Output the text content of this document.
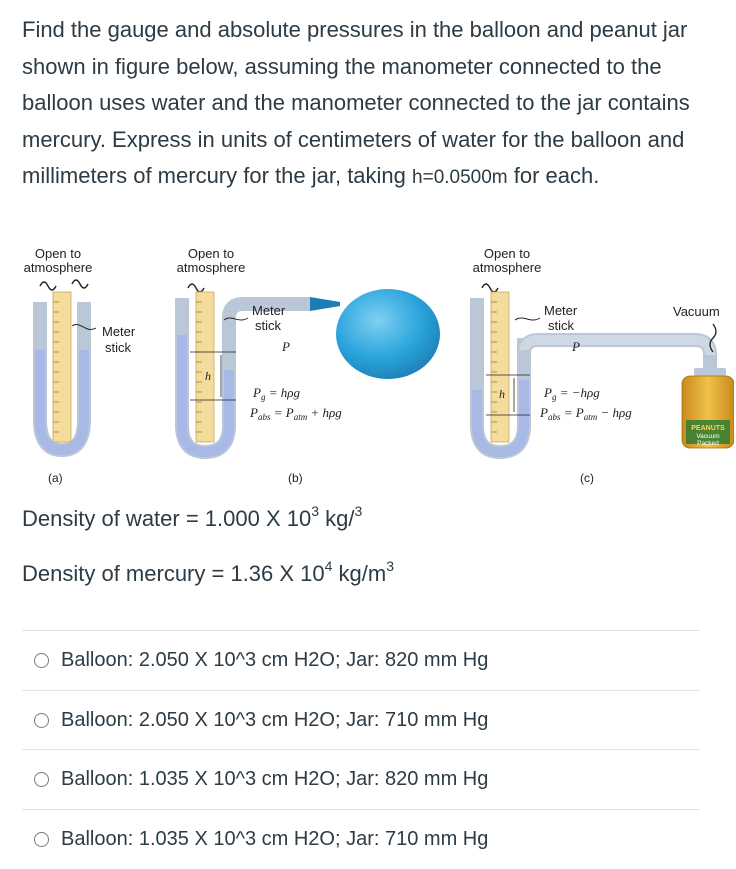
Find the gauge and absolute pressures in the balloon and peanut jar shown in figure below, assuming the manometer connected to the balloon uses water and the manometer connected to the jar contains mercury. Express in units of centimeters of water for the balloon and millimeters of mercury for the jar, taking h=0.0500m for each.

Open to
atmosphere
Meter
stick
(a)
Open to
atmosphere
h
Meter
stick
P
$P_g = h\rho g$
$P_{abs} = P_{atm} + h\rho g$
(b)
Open to
atmosphere
h
Meter
stick
P
$P_g = -h\rho g$
$P_{abs} = P_{atm} - h\rho g$
Vacuum
PEANUTS
Vacuum
Packed
(c)

Density of water = 1.000 X $10^3$ kg/$^3$

Density of mercury = 1.36 X $10^4$ $kg/m^3$

Balloon: 2.050 X 10^3 cm H2O; Jar: 820 mm Hg
Balloon: 2.050 X 10^3 cm H2O; Jar: 710 mm Hg
Balloon: 1.035 X 10^3 cm H2O; Jar: 820 mm Hg
Balloon: 1.035 X 10^3 cm H2O; Jar: 710 mm Hg
